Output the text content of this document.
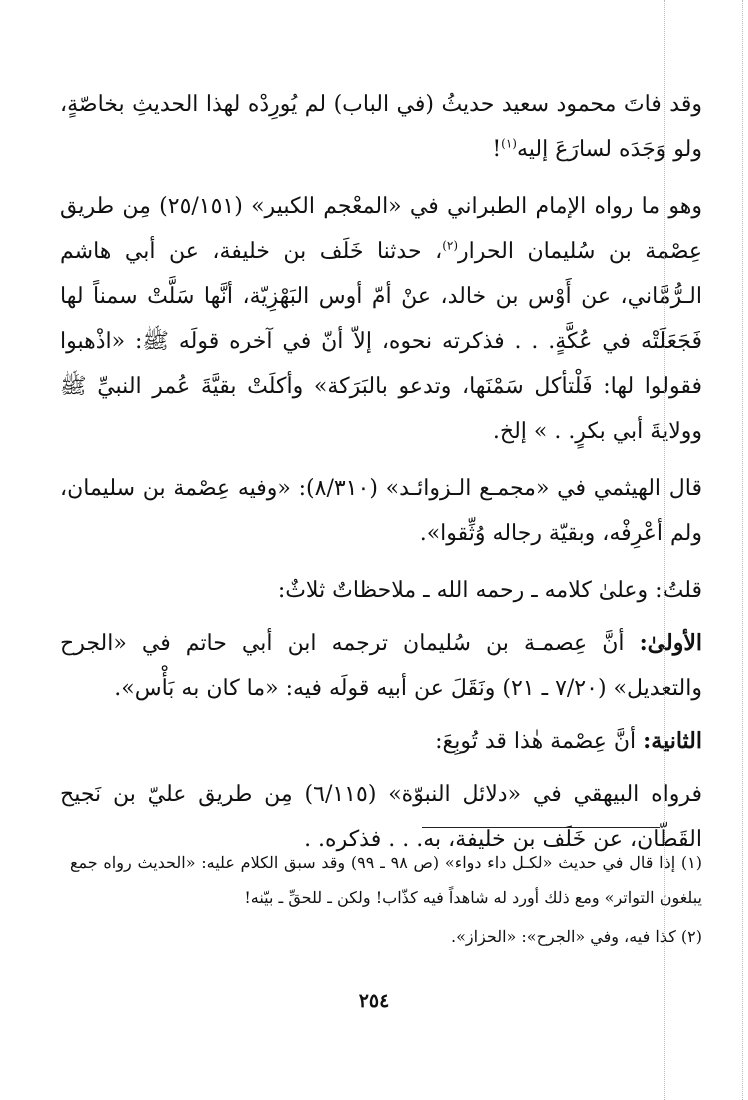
وقد فاتَ محمود سعيد حديثُ (في الباب) لم يُورِدْه لهذا الحديثِ بخاصّةٍ، ولو وَجَدَه لسارَعَ إليه$^{(١)}$!

وهو ما رواه الإمام الطبراني في «المعْجم الكبير» (٢٥/١٥١) مِن طريق عِصْمة بن سُليمان الحرار$^{(٢)}$، حدثنا خَلَف بن خليفة، عن أبي هاشم الـرُّمَّاني، عن أَوْس بن خالد، عنْ أمّ أوس البَهْزِيّة، أنَّها سَلَّتْ سمناً لها فَجَعَلَتْه في عُكَّةٍ. . . فذكرته نحوه، إلاّ أنّ في آخره قولَه ﷺ: «اذْهبوا فقولوا لها: فَلْتأكل سَمْنَها، وتدعو بالبَرَكة» وأكلَتْ بقيَّةَ عُمر النبيِّ ﷺ وولايةَ أبي بكرٍ. . » إلخ.

قال الهيثمي في «مجمـع الـزوائـد» (٨/٣١٠): «وفيه عِصْمة بن سليمان، ولم أعْرِفْه، وبقيّة رجاله وُثِّقوا».

قلتُ: وعلىٰ كلامه ـ رحمه الله ـ ملاحظاتٌ ثلاثٌ:

الأولىٰ: أنَّ عِصمـة بن سُليمان ترجمه ابن أبي حاتم في «الجرح والتعديل» (٧/٢٠ ـ ٢١) ونَقَلَ عن أبيه قولَه فيه: «ما كان به بَأْس».

الثانية: أنَّ عِصْمة هٰذا قد تُوبِعَ:

فرواه البيهقي في «دلائل النبوّة» (٦/١١٥) مِن طريق عليّ بن نَجيح القَطّان، عن خَلَف بن خليفة، به. . . فذكره. .

(١) إذا قال في حديث «لكـل داء دواء» (ص ٩٨ ـ ٩٩) وقد سبق الكلام عليه: «الحديث رواه جمع يبلغون التواتر» ومع ذلك أورد له شاهداً فيه كذّاب! ولكن ـ للحقِّ ـ بيّنه!

(٢) كذا فيه، وفي «الجرح»: «الحزاز».

٢٥٤
